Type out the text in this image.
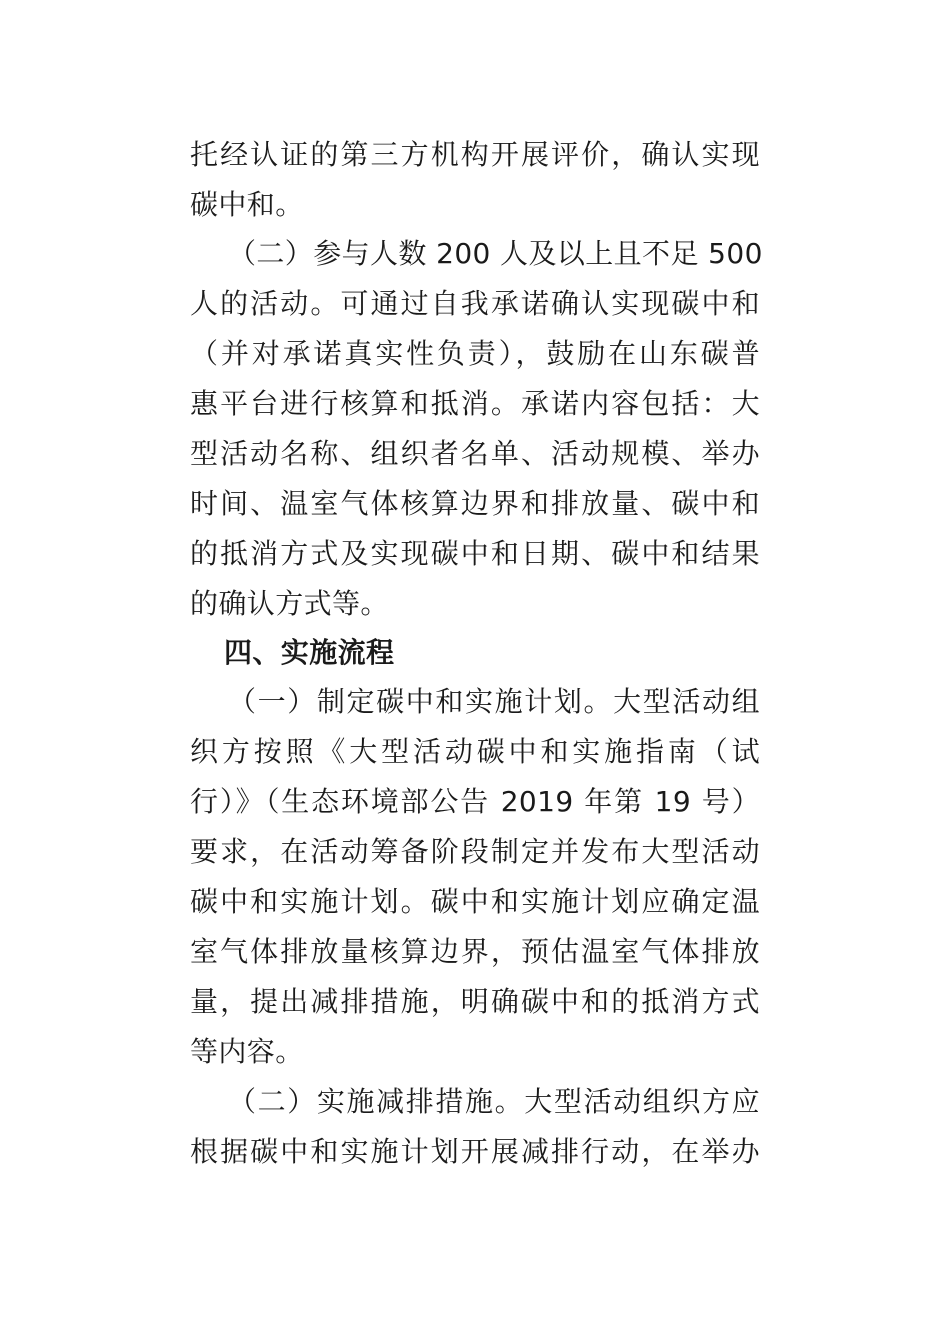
托经认证的第三方机构开展评价，确认实现
碳中和。
（二）参与人数 200 人及以上且不足 500
人的活动。可通过自我承诺确认实现碳中和
（并对承诺真实性负责），鼓励在山东碳普
惠平台进行核算和抵消。承诺内容包括：大
型活动名称、组织者名单、活动规模、举办
时间、温室气体核算边界和排放量、碳中和
的抵消方式及实现碳中和日期、碳中和结果
的确认方式等。
四、实施流程
（一）制定碳中和实施计划。大型活动组
织方按照《大型活动碳中和实施指南（试
行）》（生态环境部公告 2019 年第 19 号）
要求，在活动筹备阶段制定并发布大型活动
碳中和实施计划。碳中和实施计划应确定温
室气体排放量核算边界，预估温室气体排放
量，提出减排措施，明确碳中和的抵消方式
等内容。
（二）实施减排措施。大型活动组织方应
根据碳中和实施计划开展减排行动，在举办
